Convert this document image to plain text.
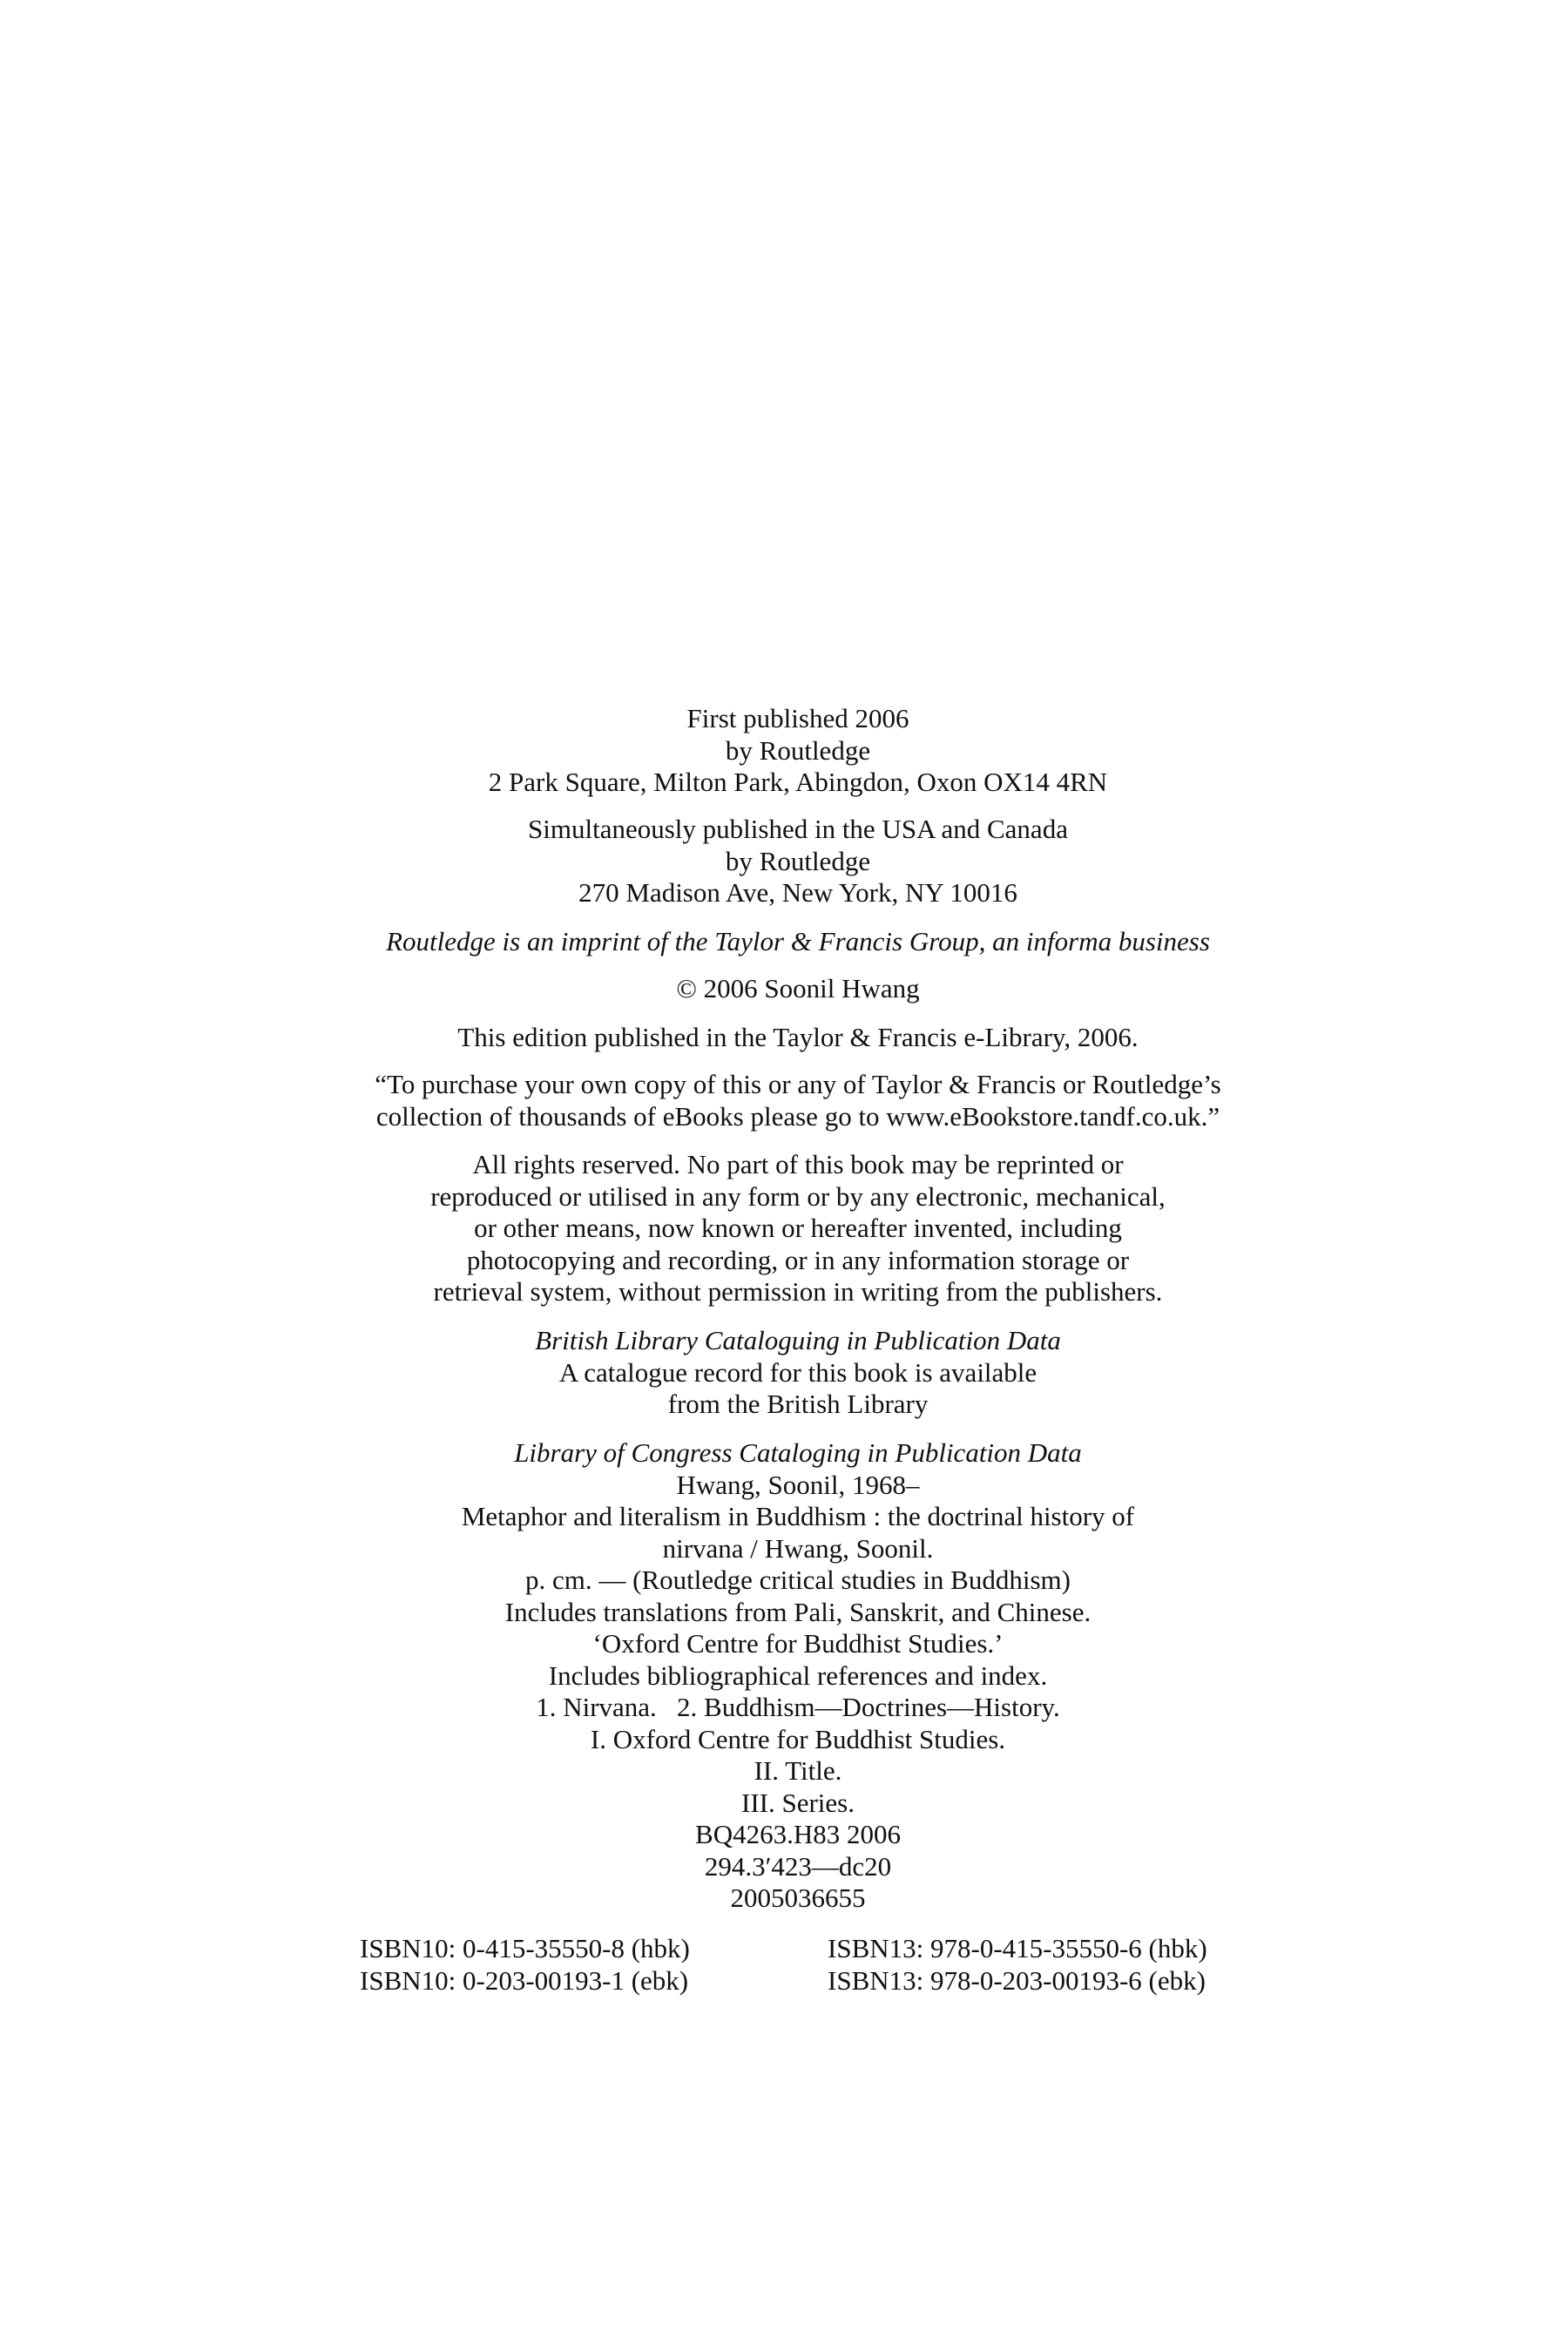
First published 2006
by Routledge
2 Park Square, Milton Park, Abingdon, Oxon OX14 4RN
Simultaneously published in the USA and Canada
by Routledge
270 Madison Ave, New York, NY 10016
Routledge is an imprint of the Taylor & Francis Group, an informa business
© 2006 Soonil Hwang
This edition published in the Taylor & Francis e-Library, 2006.
“To purchase your own copy of this or any of Taylor & Francis or Routledge’s
collection of thousands of eBooks please go to www.eBookstore.tandf.co.uk.”
All rights reserved. No part of this book may be reprinted or
reproduced or utilised in any form or by any electronic, mechanical,
or other means, now known or hereafter invented, including
photocopying and recording, or in any information storage or
retrieval system, without permission in writing from the publishers.
British Library Cataloguing in Publication Data
A catalogue record for this book is available
from the British Library
Library of Congress Cataloging in Publication Data
Hwang, Soonil, 1968–
Metaphor and literalism in Buddhism : the doctrinal history of
nirvana / Hwang, Soonil.
p. cm. — (Routledge critical studies in Buddhism)
Includes translations from Pali, Sanskrit, and Chinese.
‘Oxford Centre for Buddhist Studies.’
Includes bibliographical references and index.
1. Nirvana.   2. Buddhism—Doctrines—History.
I. Oxford Centre for Buddhist Studies.
II. Title.
III. Series.
BQ4263.H83 2006
294.3′423—dc20
2005036655
ISBN10: 0-415-35550-8 (hbk)	ISBN13: 978-0-415-35550-6 (hbk)
ISBN10: 0-203-00193-1 (ebk)	ISBN13: 978-0-203-00193-6 (ebk)
